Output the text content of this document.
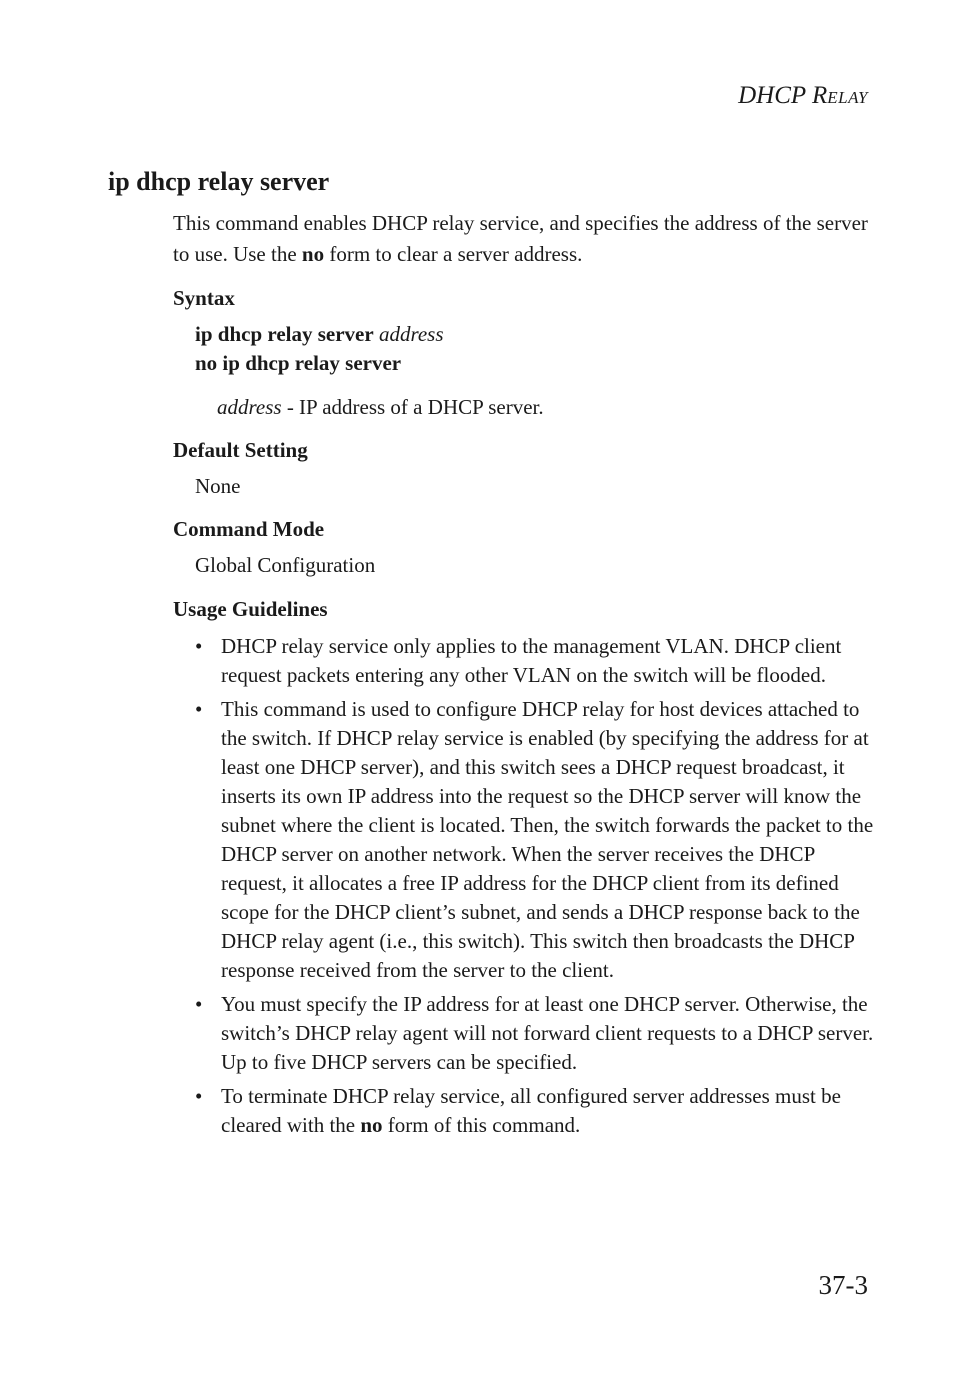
DHCP RELAY
ip dhcp relay server

This command enables DHCP relay service, and specifies the address of the server to use. Use the no form to clear a server address.

Syntax
ip dhcp relay server address
no ip dhcp relay server
address - IP address of a DHCP server.
Default Setting
None
Command Mode
Global Configuration
Usage Guidelines
• DHCP relay service only applies to the management VLAN. DHCP client request packets entering any other VLAN on the switch will be flooded.
• This command is used to configure DHCP relay for host devices attached to the switch. If DHCP relay service is enabled (by specifying the address for at least one DHCP server), and this switch sees a DHCP request broadcast, it inserts its own IP address into the request so the DHCP server will know the subnet where the client is located. Then, the switch forwards the packet to the DHCP server on another network. When the server receives the DHCP request, it allocates a free IP address for the DHCP client from its defined scope for the DHCP client’s subnet, and sends a DHCP response back to the DHCP relay agent (i.e., this switch). This switch then broadcasts the DHCP response received from the server to the client.
• You must specify the IP address for at least one DHCP server. Otherwise, the switch’s DHCP relay agent will not forward client requests to a DHCP server. Up to five DHCP servers can be specified.
• To terminate DHCP relay service, all configured server addresses must be cleared with the no form of this command.
37-3
